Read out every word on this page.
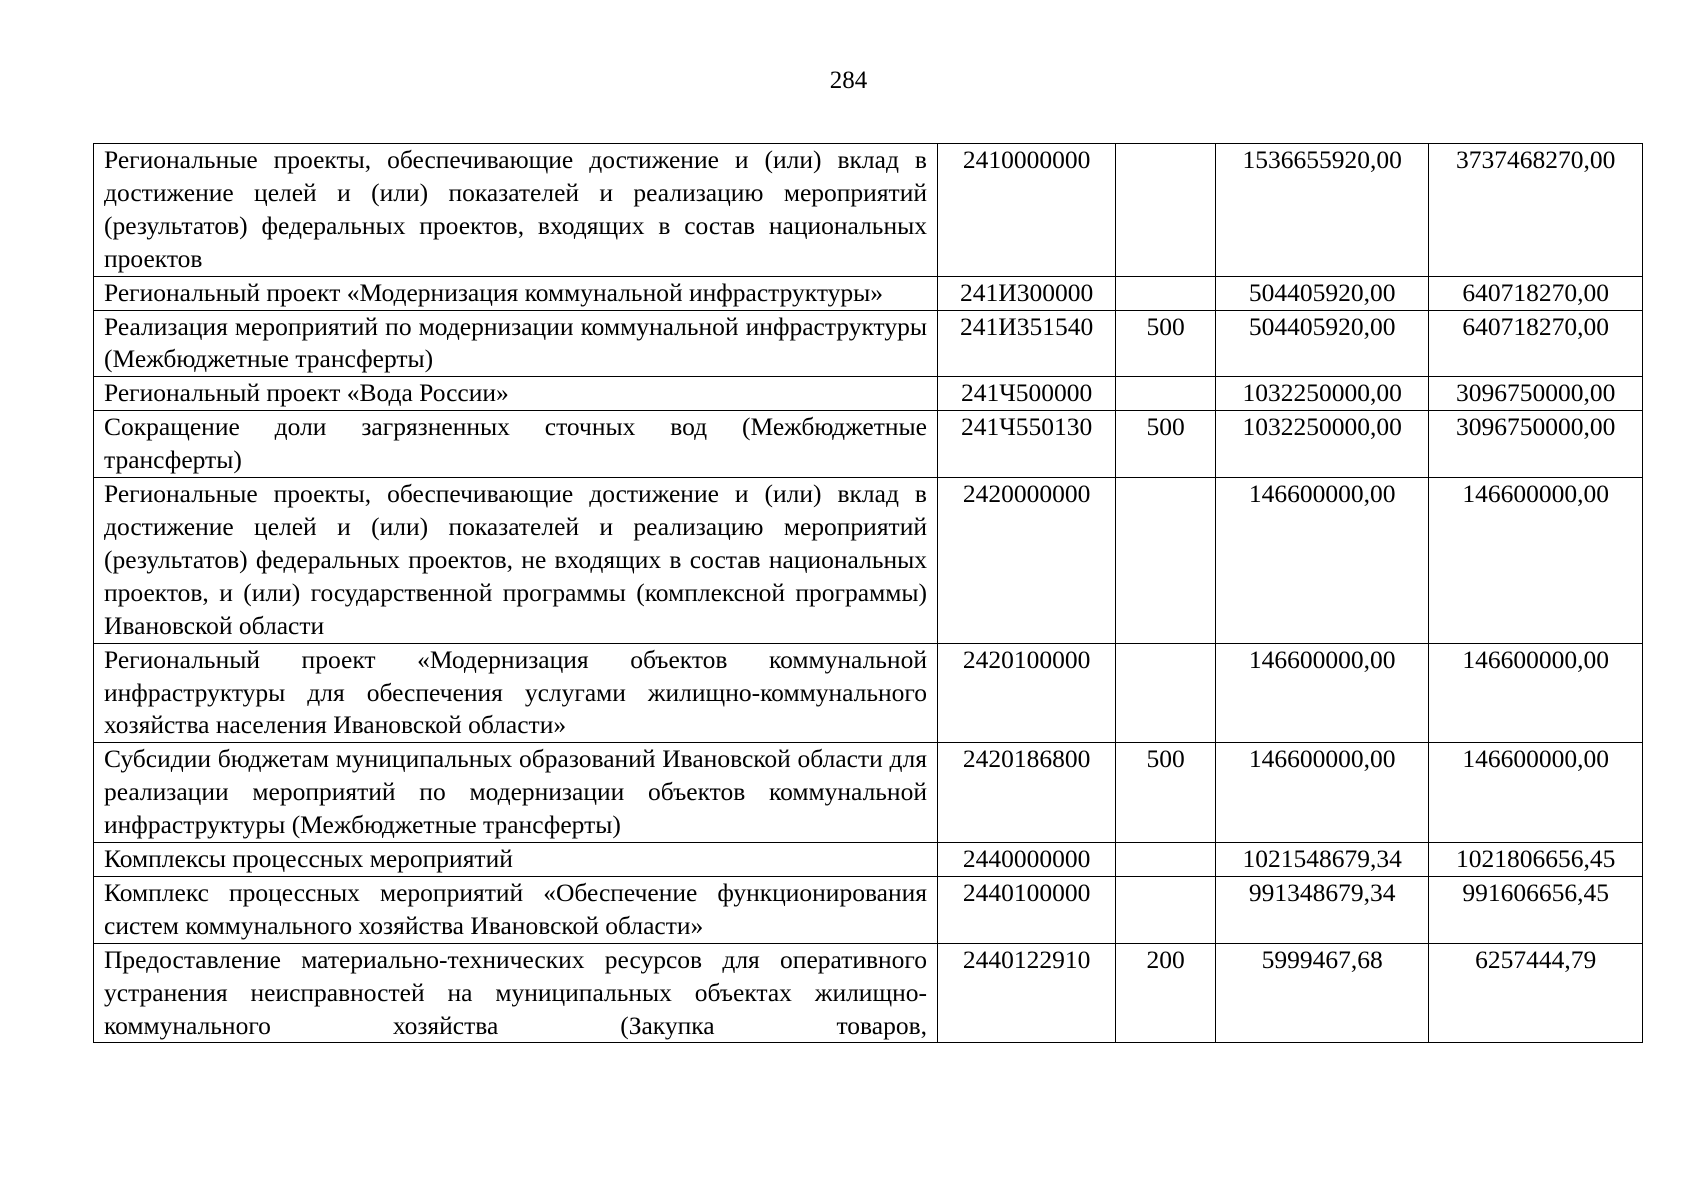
284
Региональные проекты, обеспечивающие достижение и (или) вклад в достижение целей и (или) показателей и реализацию мероприятий (результатов) федеральных проектов, входящих в состав национальных проектов	2410000000		1536655920,00	3737468270,00
Региональный проект «Модернизация коммунальной инфраструктуры»	241И300000		504405920,00	640718270,00
Реализация мероприятий по модернизации коммунальной инфраструктуры (Межбюджетные трансферты)	241И351540	500	504405920,00	640718270,00
Региональный проект «Вода России»	241Ч500000		1032250000,00	3096750000,00
Сокращение доли загрязненных сточных вод (Межбюджетные трансферты)	241Ч550130	500	1032250000,00	3096750000,00
Региональные проекты, обеспечивающие достижение и (или) вклад в достижение целей и (или) показателей и реализацию мероприятий (результатов) федеральных проектов, не входящих в состав национальных проектов, и (или) государственной программы (комплексной программы) Ивановской области	2420000000		146600000,00	146600000,00
Региональный проект «Модернизация объектов коммунальной инфраструктуры для обеспечения услугами жилищно-коммунального хозяйства населения Ивановской области»	2420100000		146600000,00	146600000,00
Субсидии бюджетам муниципальных образований Ивановской области для реализации мероприятий по модернизации объектов коммунальной инфраструктуры (Межбюджетные трансферты)	2420186800	500	146600000,00	146600000,00
Комплексы процессных мероприятий	2440000000		1021548679,34	1021806656,45
Комплекс процессных мероприятий «Обеспечение функционирования систем коммунального хозяйства Ивановской области»	2440100000		991348679,34	991606656,45
Предоставление материально-технических ресурсов для оперативного устранения неисправностей на муниципальных объектах жилищно-коммунального хозяйства (Закупка товаров,	2440122910	200	5999467,68	6257444,79
